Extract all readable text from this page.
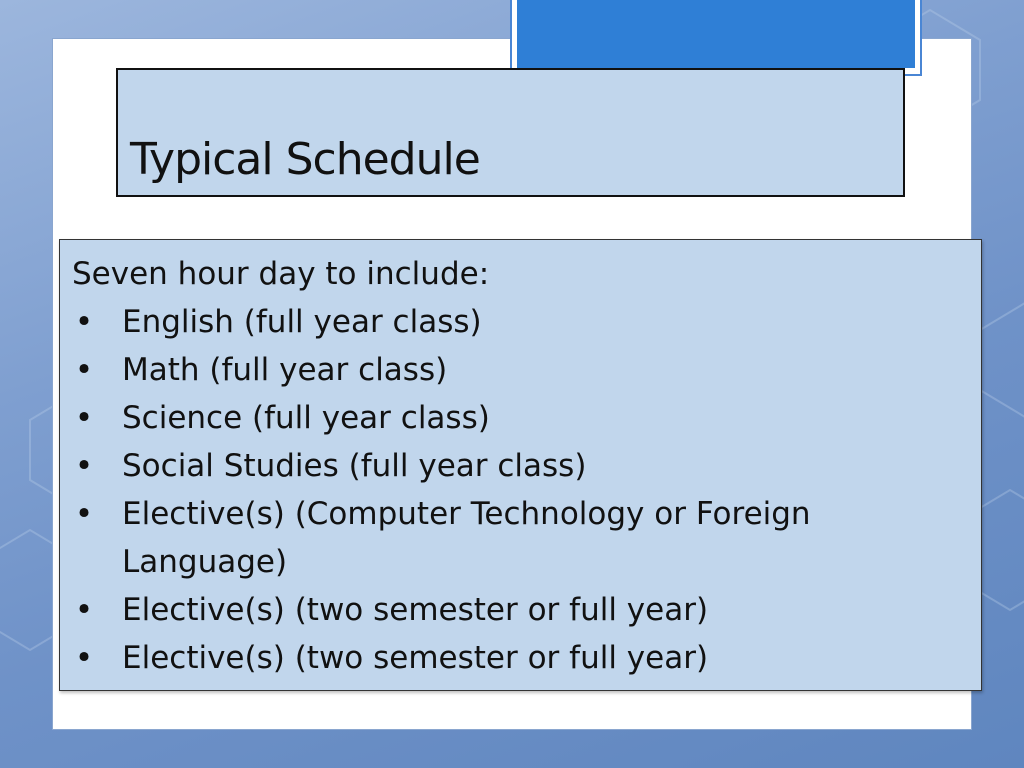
Typical Schedule

Seven hour day to include:

• English (full year class)
• Math (full year class)
• Science (full year class)
• Social Studies (full year class)
• Elective(s) (Computer Technology or Foreign Language)
• Elective(s) (two semester or full year)
• Elective(s) (two semester or full year)
